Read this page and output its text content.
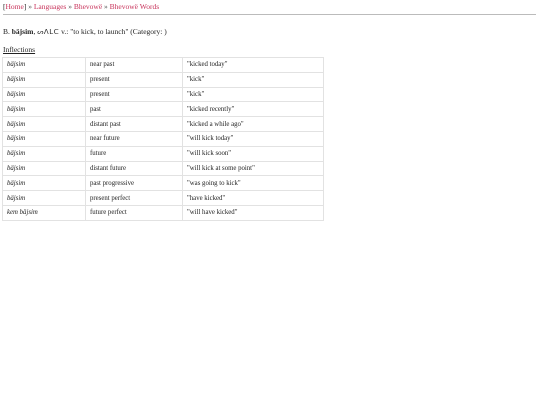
[Home] » Languages » Bhevowë » Bhevowë Words
B. bäjsim, ᔕᐱᒪᑕ v.: "to kick, to launch" (Category: )
Inflections
bäjsim	near past	"kicked today"
bäjsim	present	"kick"
bäjsim	present	"kick"
bäjsim	past	"kicked recently"
bäjsim	distant past	"kicked a while ago"
bäjsim	near future	"will kick today"
bäjsim	future	"will kick soon"
bäjsim	distant future	"will kick at some point"
bäjsim	past progressive	"was going to kick"
bäjsim	present perfect	"have kicked"
kem bäjsim	future perfect	"will have kicked"
